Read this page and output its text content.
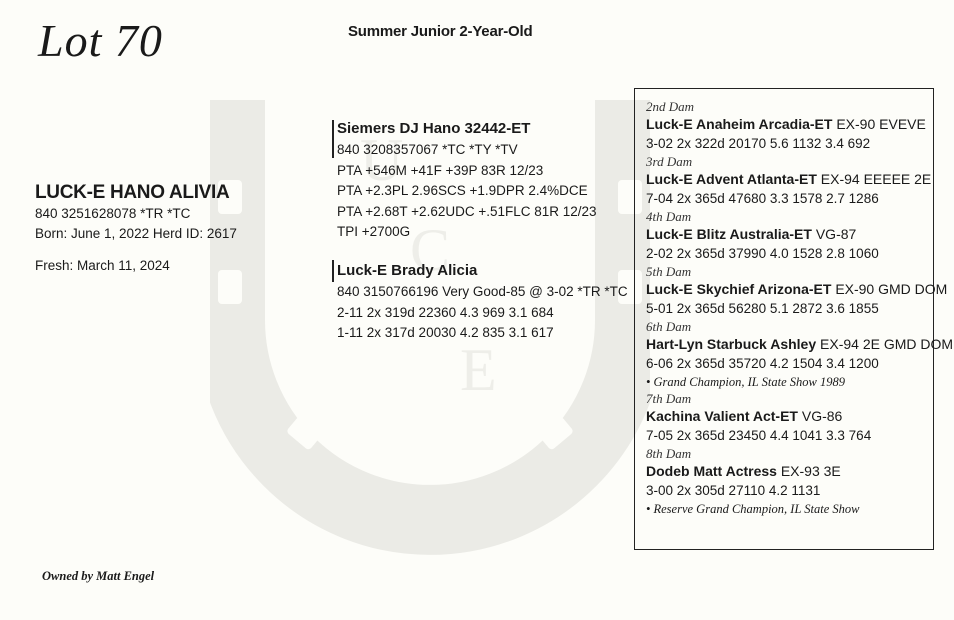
U
C
E
Lot 70	Summer Junior 2-Year-Old
LUCK-E HANO ALIVIA
840 3251628078 *TR *TC
Born: June 1, 2022 Herd ID: 2617
Fresh: March 11, 2024
Siemers DJ Hano 32442-ET
840 3208357067 *TC *TY *TV
PTA +546M +41F +39P 83R 12/23
PTA +2.3PL 2.96SCS +1.9DPR 2.4%DCE
PTA +2.68T +2.62UDC +.51FLC 81R 12/23
TPI +2700G
Luck-E Brady Alicia
840 3150766196 Very Good-85 @ 3-02 *TR *TC
2-11 2x 319d 22360 4.3 969 3.1 684
1-11 2x 317d 20030 4.2 835 3.1 617
2nd Dam
Luck-E Anaheim Arcadia-ET EX-90 EVEVE
3-02 2x 322d 20170 5.6 1132 3.4 692
3rd Dam
Luck-E Advent Atlanta-ET EX-94 EEEEE 2E
7-04 2x 365d 47680 3.3 1578 2.7 1286
4th Dam
Luck-E Blitz Australia-ET VG-87
2-02 2x 365d 37990 4.0 1528 2.8 1060
5th Dam
Luck-E Skychief Arizona-ET EX-90 GMD DOM
5-01 2x 365d 56280 5.1 2872 3.6 1855
6th Dam
Hart-Lyn Starbuck Ashley EX-94 2E GMD DOM
6-06 2x 365d 35720 4.2 1504 3.4 1200
• Grand Champion, IL State Show 1989
7th Dam
Kachina Valient Act-ET VG-86
7-05 2x 365d 23450 4.4 1041 3.3 764
8th Dam
Dodeb Matt Actress EX-93 3E
3-00 2x 305d 27110 4.2 1131
• Reserve Grand Champion, IL State Show
Owned by Matt Engel
